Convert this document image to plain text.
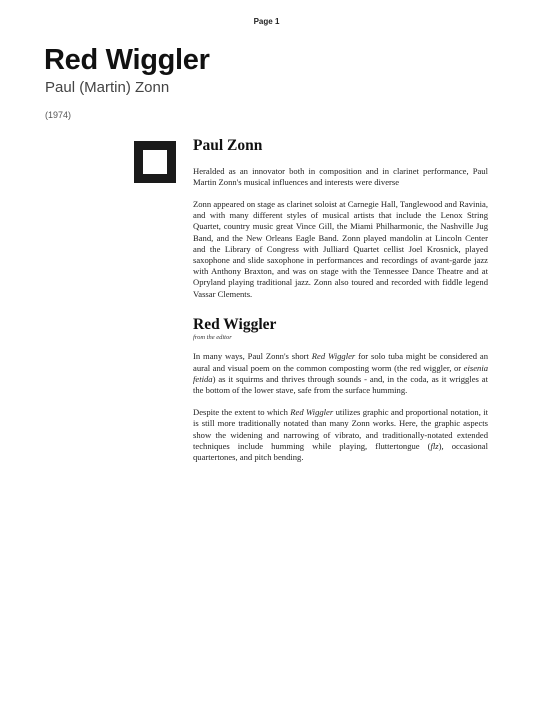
Page 1
Red Wiggler
Paul (Martin) Zonn
(1974)
Paul Zonn

Heralded as an innovator both in composition and in clarinet performance, Paul Martin Zonn's musical influences and interests were diverse

Zonn appeared on stage as clarinet soloist at Carnegie Hall, Tanglewood and Ravinia, and with many different styles of musical artists that include the Lenox String Quartet, country music great Vince Gill, the Miami Philharmonic, the Nashville Jug Band, and the New Orleans Eagle Band. Zonn played mandolin at Lincoln Center and the Library of Congress with Julliard Quartet cellist Joel Krosnick, played saxophone and slide saxophone in performances and recordings of avant-garde jazz with Anthony Braxton, and was on stage with the Tennessee Dance Theatre and at Opryland playing traditional jazz. Zonn also toured and recorded with fiddle legend Vassar Clements.

Red Wiggler
from the editor

In many ways, Paul Zonn's short Red Wiggler for solo tuba might be considered an aural and visual poem on the common composting worm (the red wiggler, or eisenia fetida) as it squirms and thrives through sounds - and, in the coda, as it wriggles at the bottom of the lower stave, safe from the surface humming.

Despite the extent to which Red Wiggler utilizes graphic and proportional notation, it is still more traditionally notated than many Zonn works. Here, the graphic aspects show the widening and narrowing of vibrato, and traditionally-notated extended techniques include humming while playing, fluttertongue (flz), occasional quartertones, and pitch bending.
